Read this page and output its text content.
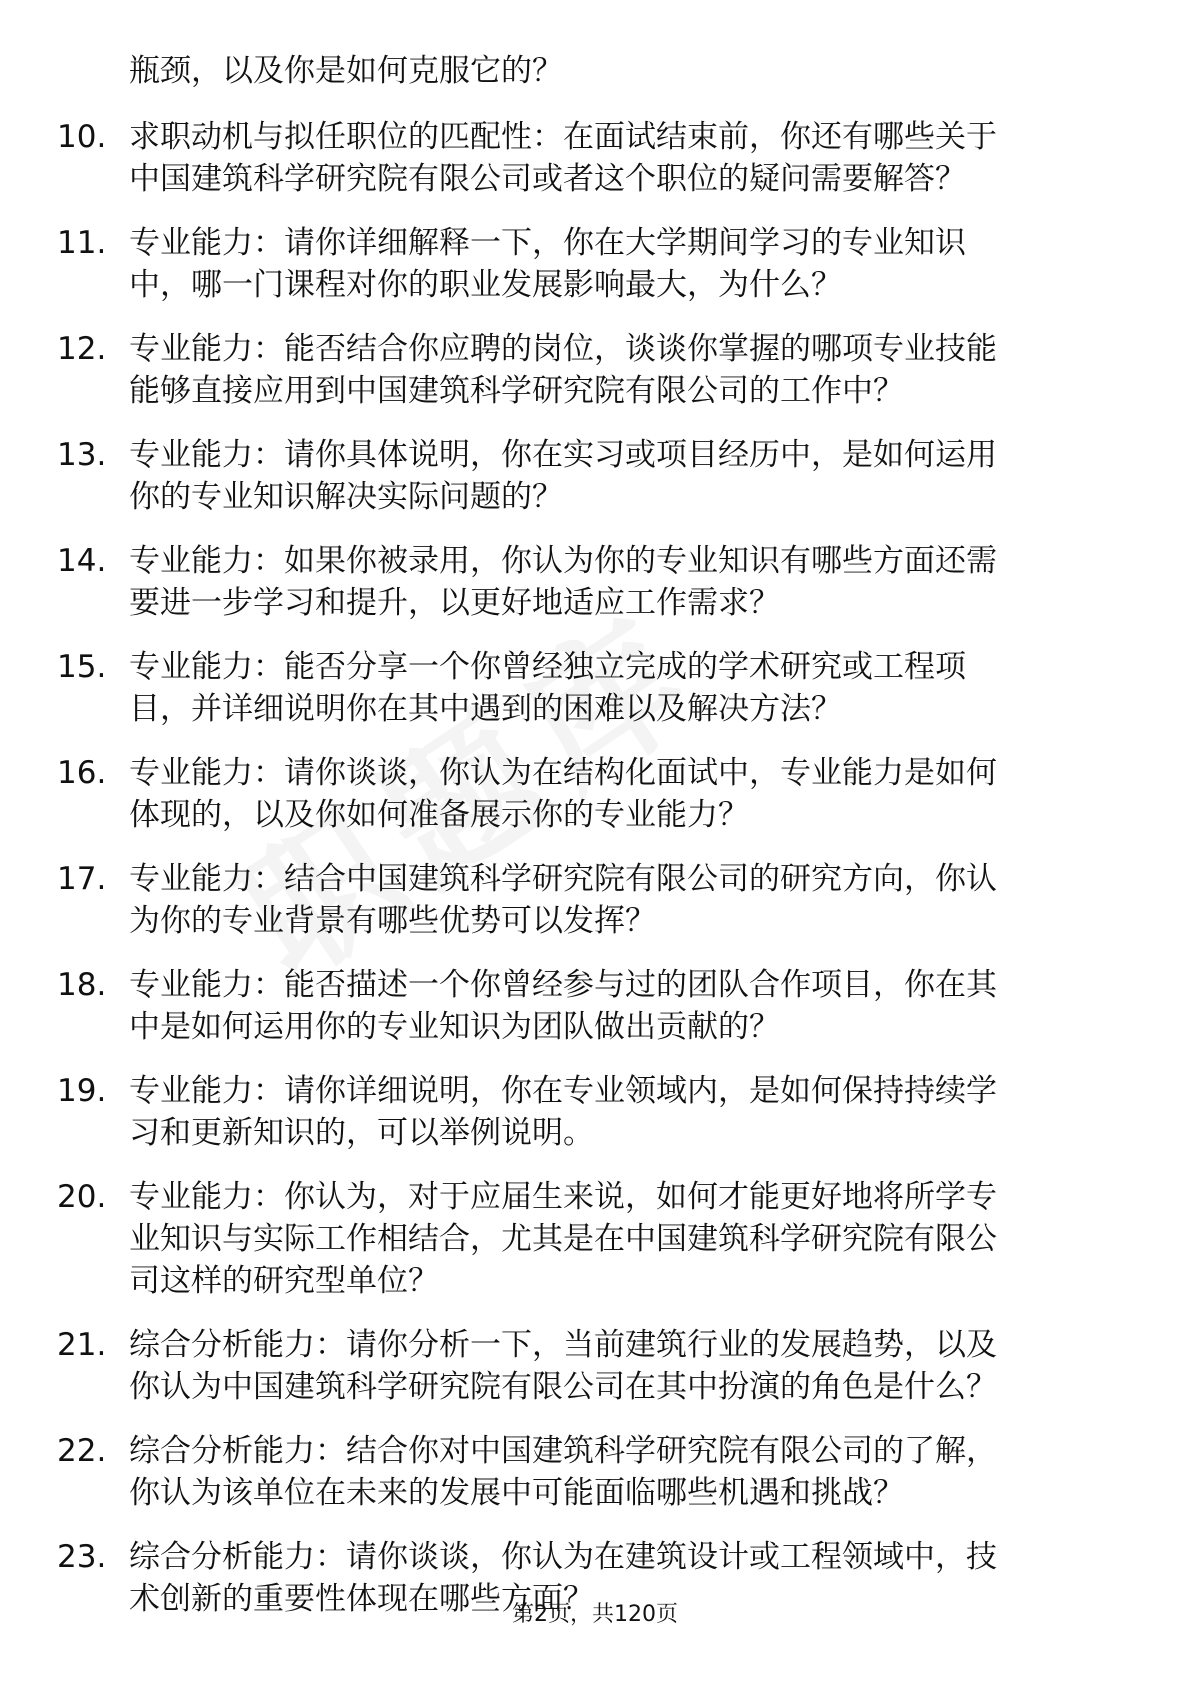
瓶颈，以及你是如何克服它的？
10. 求职动机与拟任职位的匹配性：在面试结束前，你还有哪些关于
中国建筑科学研究院有限公司或者这个职位的疑问需要解答？
11. 专业能力：请你详细解释一下，你在大学期间学习的专业知识
中，哪一门课程对你的职业发展影响最大，为什么？
12. 专业能力：能否结合你应聘的岗位，谈谈你掌握的哪项专业技能
能够直接应用到中国建筑科学研究院有限公司的工作中？
13. 专业能力：请你具体说明，你在实习或项目经历中，是如何运用
你的专业知识解决实际问题的？
14. 专业能力：如果你被录用，你认为你的专业知识有哪些方面还需
要进一步学习和提升，以更好地适应工作需求？
15. 专业能力：能否分享一个你曾经独立完成的学术研究或工程项
目，并详细说明你在其中遇到的困难以及解决方法？
16. 专业能力：请你谈谈，你认为在结构化面试中，专业能力是如何
体现的，以及你如何准备展示你的专业能力？
17. 专业能力：结合中国建筑科学研究院有限公司的研究方向，你认
为你的专业背景有哪些优势可以发挥？
18. 专业能力：能否描述一个你曾经参与过的团队合作项目，你在其
中是如何运用你的专业知识为团队做出贡献的？
19. 专业能力：请你详细说明，你在专业领域内，是如何保持持续学
习和更新知识的，可以举例说明。
20. 专业能力：你认为，对于应届生来说，如何才能更好地将所学专
业知识与实际工作相结合，尤其是在中国建筑科学研究院有限公
司这样的研究型单位？
21. 综合分析能力：请你分析一下，当前建筑行业的发展趋势，以及
你认为中国建筑科学研究院有限公司在其中扮演的角色是什么？
22. 综合分析能力：结合你对中国建筑科学研究院有限公司的了解，
你认为该单位在未来的发展中可能面临哪些机遇和挑战？
23. 综合分析能力：请你谈谈，你认为在建筑设计或工程领域中，技
术创新的重要性体现在哪些方面？
第2页，共120页
